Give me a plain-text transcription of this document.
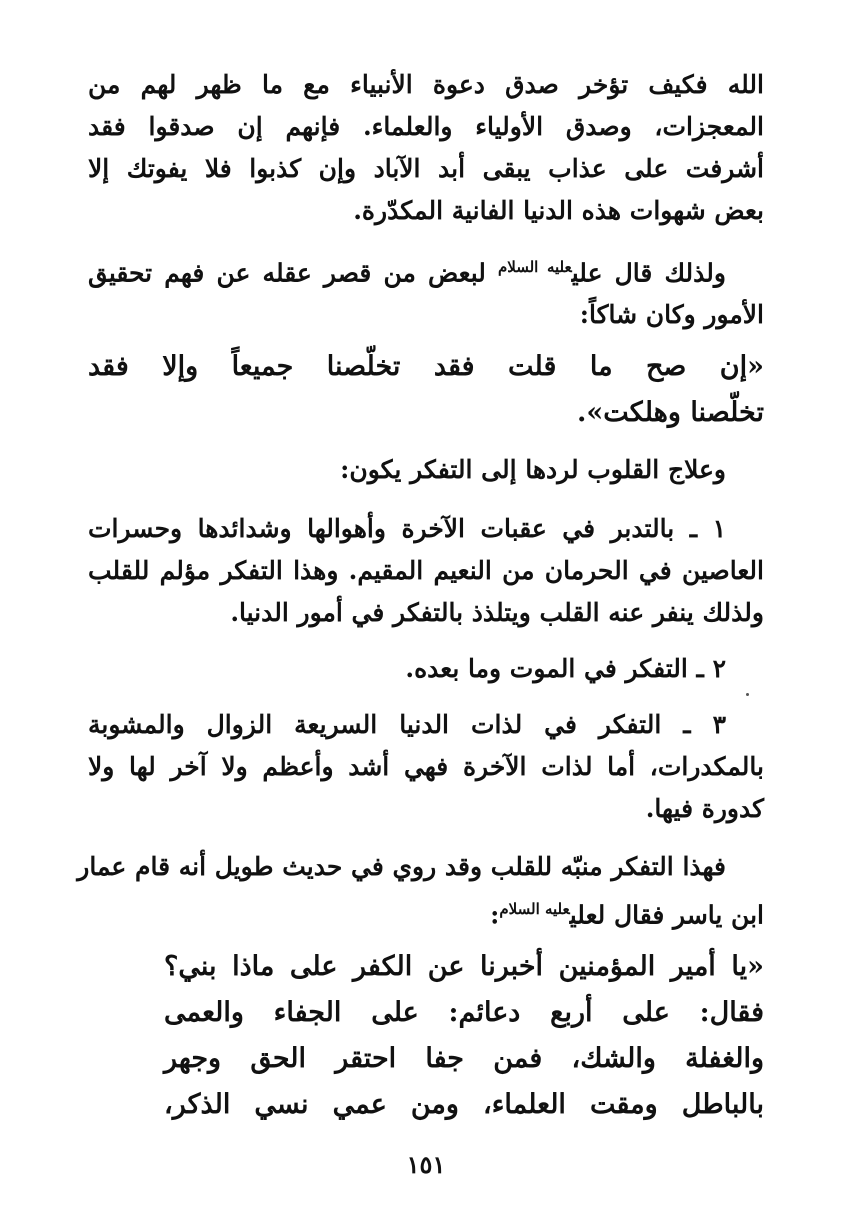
الله فكيف تؤخر صدق دعوة الأنبياء مع ما ظهر لهم من
المعجزات، وصدق الأولياء والعلماء. فإنهم إن صدقوا فقد
أشرفت على عذاب يبقى أبد الآباد وإن كذبوا فلا يفوتك إلا
بعض شهوات هذه الدنيا الفانية المكدّرة.

ولذلك قال علي$^{عليه السلام}$ لبعض من قصر عقله عن فهم تحقيق
الأمور وكان شاكاً:

«إن صح ما قلت فقد تخلّصنا جميعاً وإلا فقد
تخلّصنا وهلكت».

وعلاج القلوب لردها إلى التفكر يكون:

١ ـ بالتدبر في عقبات الآخرة وأهوالها وشدائدها وحسرات
العاصين في الحرمان من النعيم المقيم. وهذا التفكر مؤلم للقلب
ولذلك ينفر عنه القلب ويتلذذ بالتفكر في أمور الدنيا.

٢ ـ التفكر في الموت وما بعده.

٣ ـ التفكر في لذات الدنيا السريعة الزوال والمشوبة
بالمكدرات، أما لذات الآخرة فهي أشد وأعظم ولا آخر لها ولا
كدورة فيها.

فهذا التفكر منبّه للقلب وقد روي في حديث طويل أنه قام عمار
ابن ياسر فقال لعلي$^{عليه السلام}$:

«يا أمير المؤمنين أخبرنا عن الكفر على ماذا بني؟
فقال: على أربع دعائم: على الجفاء والعمى
والغفلة والشك، فمن جفا احتقر الحق وجهر
بالباطل ومقت العلماء، ومن عمي نسي الذكر،

١٥١
